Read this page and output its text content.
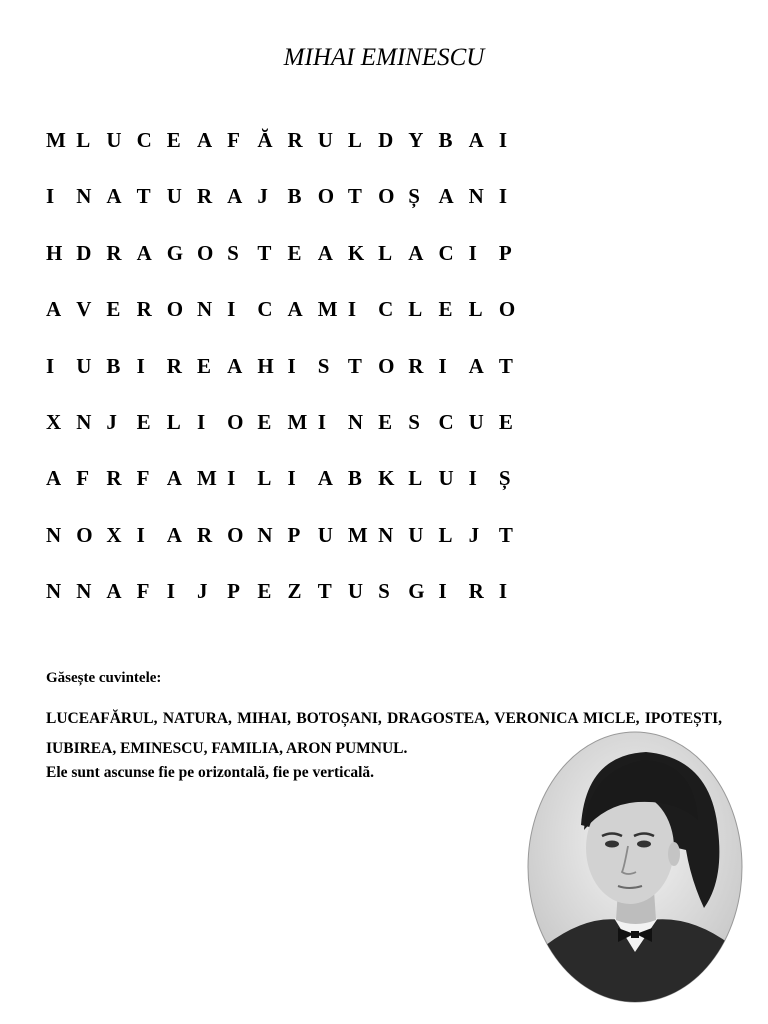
MIHAI EMINESCU
M L U C E A F Ă R U L D Y B A I
I N A T U R A J B O T O Ș A N I
H D R A G O S T E A K L A C I P
A V E R O N I C A M I C L E L O
I U B I R E A H I S T O R I A T
X N J E L I O E M I N E S C U E
A F R F A M I L I A B K L U I Ș
N O X I A R O N P U M N U L J T
N N A F I J P E Z T U S G I R I
Găsește cuvintele:
LUCEAFĂRUL, NATURA, MIHAI, BOTOȘANI, DRAGOSTEA, VERONICA MICLE, IPOTEȘTI, IUBIREA, EMINESCU, FAMILIA, ARON PUMNUL.
Ele sunt ascunse fie pe orizontală, fie pe verticală.
